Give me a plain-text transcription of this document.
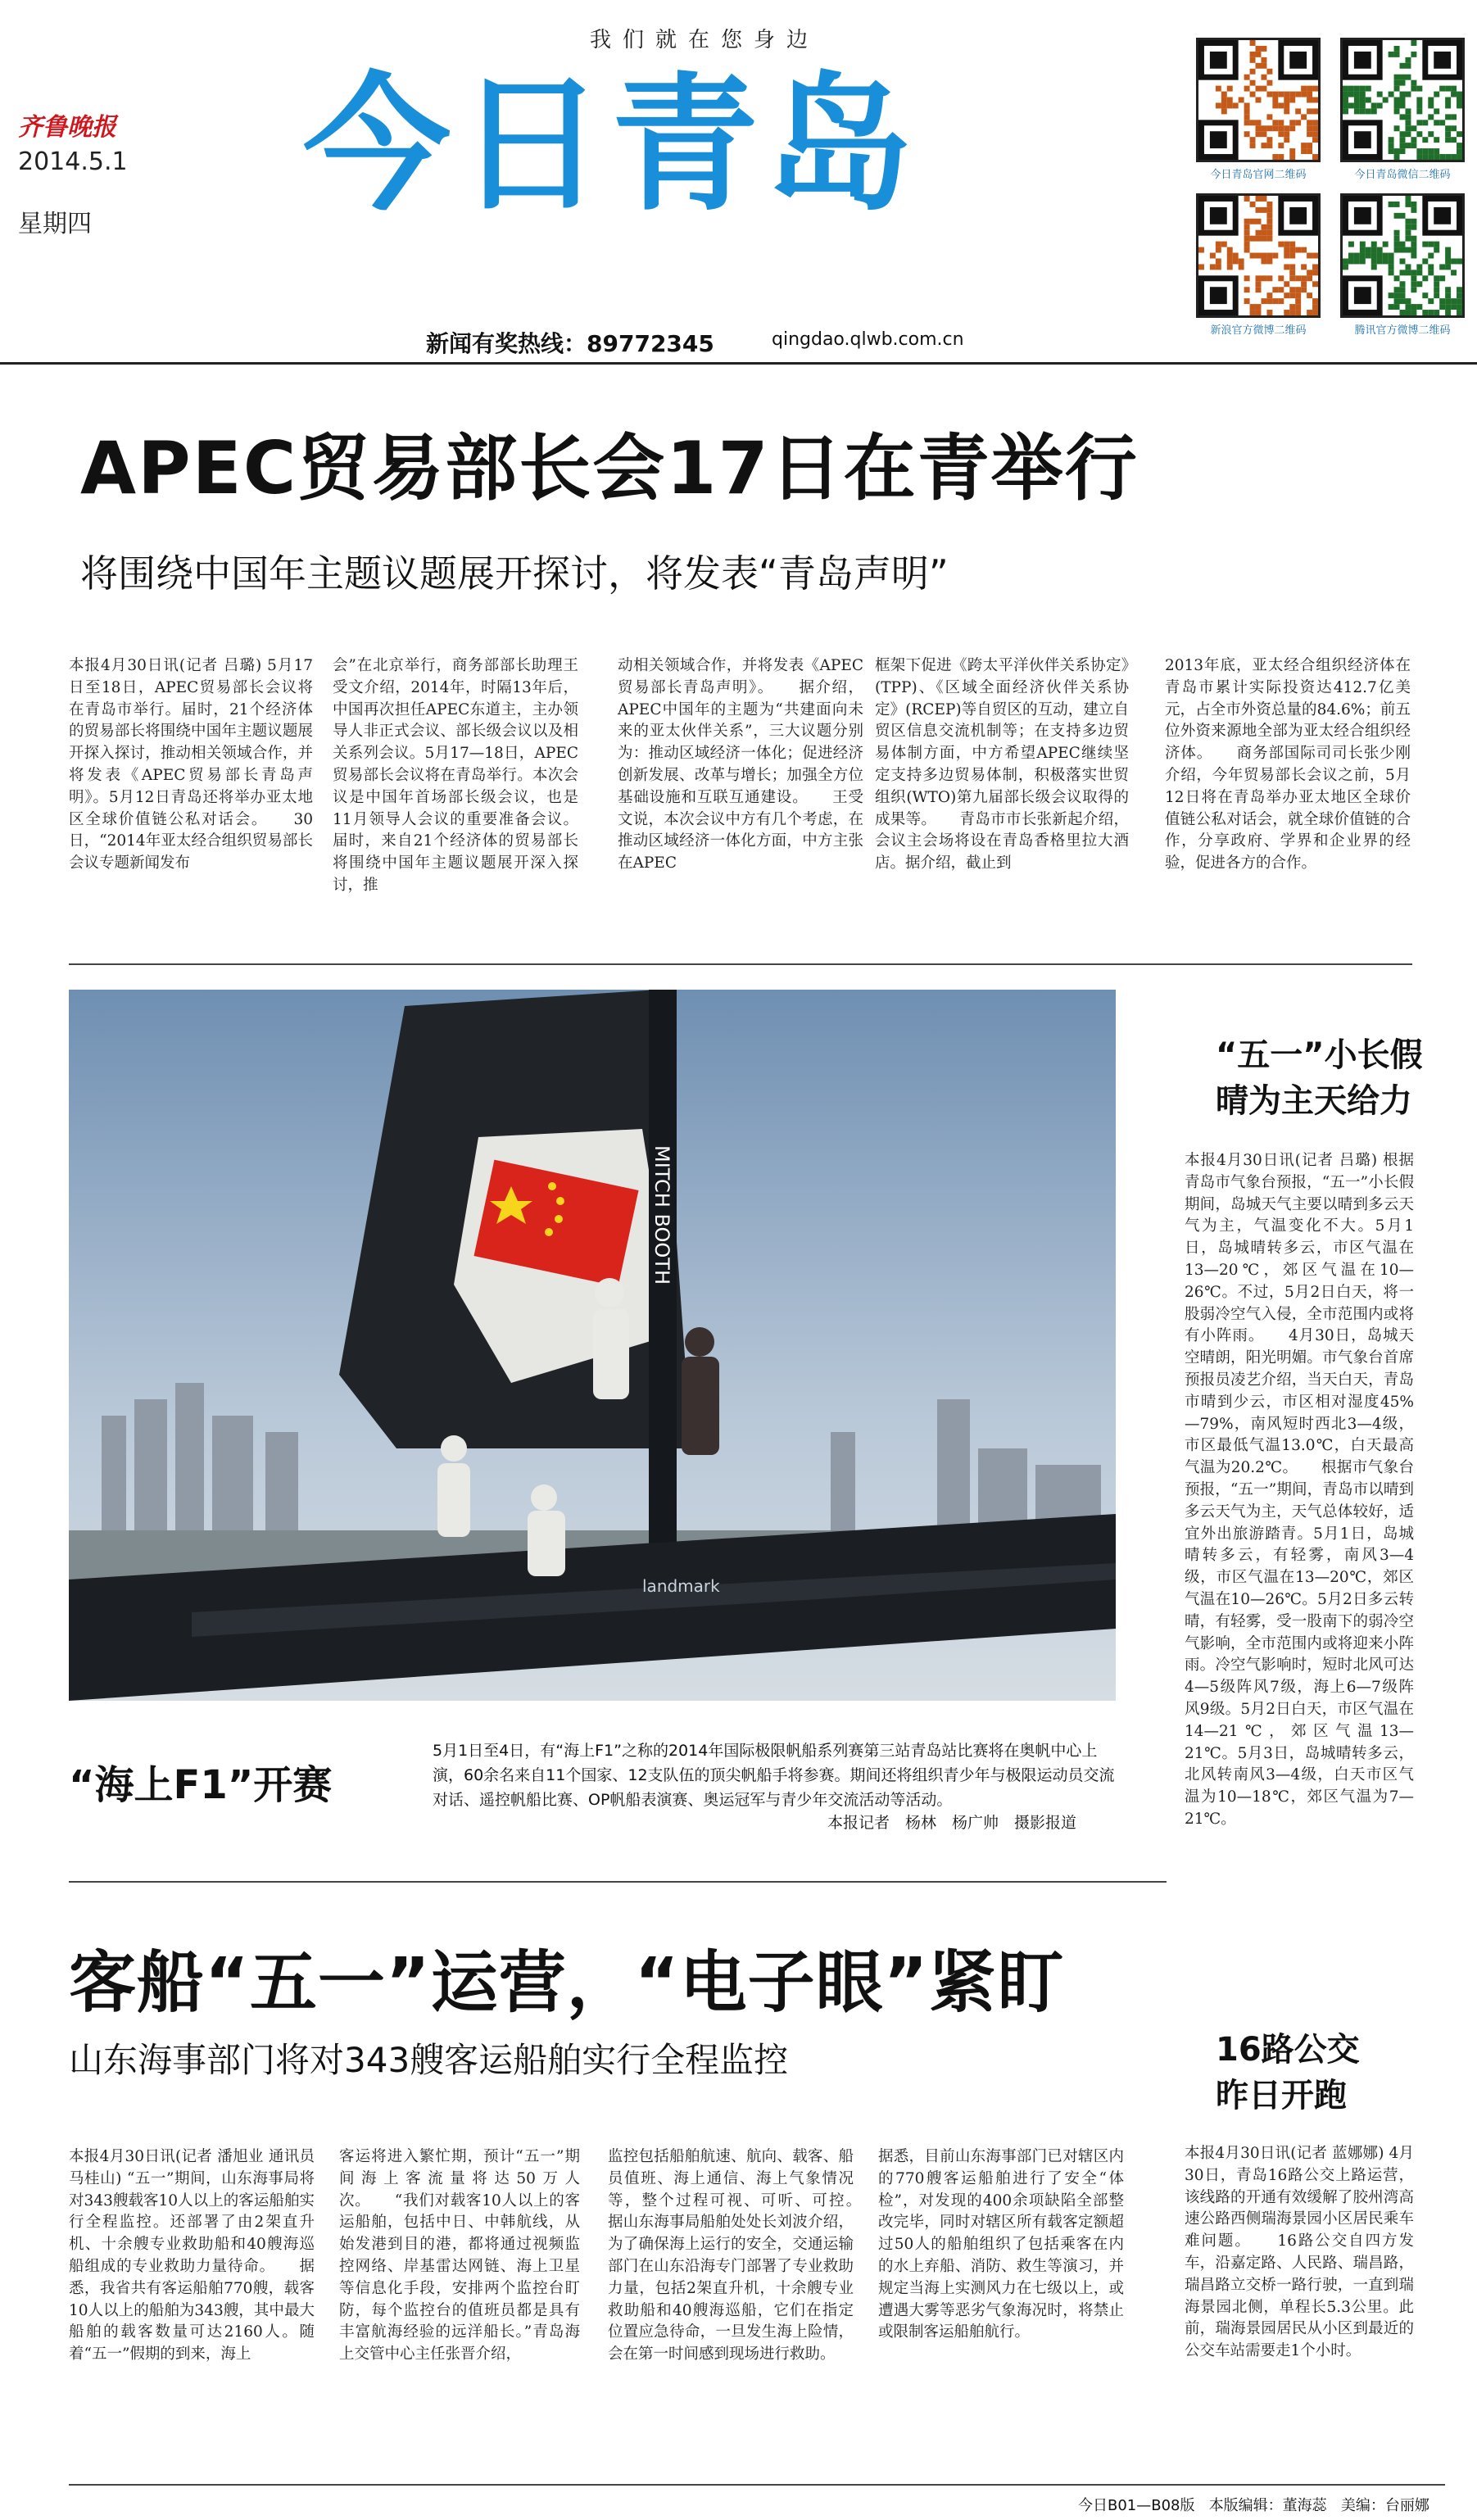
我们就在您身边
齐鲁晚报
2014.5.1
星期四 今日青岛
新闻有奖热线：89772345	qingdao.qlwb.com.cn
今日青岛官网二维码	今日青岛微信二维码
新浪官方微博二维码	腾讯官方微博二维码
APEC贸易部长会17日在青举行
将围绕中国年主题议题展开探讨，将发表“青岛声明”
本报4月30日讯(记者 吕璐) 5月17日至18日，APEC贸易部长会议将在青岛市举行。届时，21个经济体的贸易部长将围绕中国年主题议题展开探入探讨，推动相关领域合作，并将发表《APEC贸易部长青岛声明》。5月12日青岛还将举办亚太地区全球价值链公私对话会。　　30日，“2014年亚太经合组织贸易部长会议专题新闻发布
会”在北京举行，商务部部长助理王受文介绍，2014年，时隔13年后，中国再次担任APEC东道主，主办领导人非正式会议、部长级会议以及相关系列会议。5月17—18日，APEC贸易部长会议将在青岛举行。本次会议是中国年首场部长级会议，也是11月领导人会议的重要准备会议。届时，来自21个经济体的贸易部长将围绕中国年主题议题展开深入探讨，推
动相关领域合作，并将发表《APEC贸易部长青岛声明》。　　据介绍，APEC中国年的主题为“共建面向未来的亚太伙伴关系”，三大议题分别为：推动区域经济一体化；促进经济创新发展、改革与增长；加强全方位基础设施和互联互通建设。　　王受文说，本次会议中方有几个考虑，在推动区域经济一体化方面，中方主张在APEC
框架下促进《跨太平洋伙伴关系协定》(TPP)、《区域全面经济伙伴关系协定》(RCEP)等自贸区的互动，建立自贸区信息交流机制等；在支持多边贸易体制方面，中方希望APEC继续坚定支持多边贸易体制，积极落实世贸组织(WTO)第九届部长级会议取得的成果等。　　青岛市市长张新起介绍，会议主会场将设在青岛香格里拉大酒店。据介绍，截止到
2013年底，亚太经合组织经济体在青岛市累计实际投资达412.7亿美元，占全市外资总量的84.6%；前五位外资来源地全部为亚太经合组织经济体。　　商务部国际司司长张少刚介绍，今年贸易部长会议之前，5月12日将在青岛举办亚太地区全球价值链公私对话会，就全球价值链的合作，分享政府、学界和企业界的经验，促进各方的合作。
MITCH BOOTH
landmark
“五一”小长假
晴为主天给力
本报4月30日讯(记者 吕璐) 根据青岛市气象台预报，“五一”小长假期间，岛城天气主要以晴到多云天气为主，气温变化不大。5月1日，岛城晴转多云，市区气温在13—20℃，郊区气温在10—26℃。不过，5月2日白天，将一股弱冷空气入侵，全市范围内或将有小阵雨。　　4月30日，岛城天空晴朗，阳光明媚。市气象台首席预报员凌艺介绍，当天白天，青岛市晴到少云，市区相对湿度45%—79%，南风短时西北3—4级，市区最低气温13.0℃，白天最高气温为20.2℃。　　根据市气象台预报，“五一”期间，青岛市以晴到多云天气为主，天气总体较好，适宜外出旅游踏青。5月1日，岛城晴转多云，有轻雾，南风3—4级，市区气温在13—20℃，郊区气温在10—26℃。5月2日多云转晴，有轻雾，受一股南下的弱冷空气影响，全市范围内或将迎来小阵雨。冷空气影响时，短时北风可达4—5级阵风7级，海上6—7级阵风9级。5月2日白天，市区气温在14—21℃，郊区气温13—21℃。5月3日，岛城晴转多云，北风转南风3—4级，白天市区气温为10—18℃，郊区气温为7—21℃。
“海上F1”开赛
5月1日至4日，有“海上F1”之称的2014年国际极限帆船系列赛第三站青岛站比赛将在奥帆中心上演，60余名来自11个国家、12支队伍的顶尖帆船手将参赛。期间还将组织青少年与极限运动员交流对话、遥控帆船比赛、OP帆船表演赛、奥运冠军与青少年交流活动等活动。
本报记者　杨林　杨广帅　摄影报道
客船“五一”运营，“电子眼”紧盯
山东海事部门将对343艘客运船舶实行全程监控
本报4月30日讯(记者 潘旭业 通讯员 马桂山) “五一”期间，山东海事局将对343艘载客10人以上的客运船舶实行全程监控。还部署了由2架直升机、十余艘专业救助船和40艘海巡船组成的专业救助力量待命。　　据悉，我省共有客运船舶770艘，载客10人以上的船舶为343艘，其中最大船舶的载客数量可达2160人。随着“五一”假期的到来，海上
客运将进入繁忙期，预计“五一”期间海上客流量将达50万人次。　　“我们对载客10人以上的客运船舶，包括中日、中韩航线，从始发港到目的港，都将通过视频监控网络、岸基雷达网链、海上卫星等信息化手段，安排两个监控台盯防，每个监控台的值班员都是具有丰富航海经验的远洋船长。”青岛海上交管中心主任张晋介绍，
监控包括船舶航速、航向、载客、船员值班、海上通信、海上气象情况等，整个过程可视、可听、可控。　　据山东海事局船舶处处长刘波介绍，为了确保海上运行的安全，交通运输部门在山东沿海专门部署了专业救助力量，包括2架直升机，十余艘专业救助船和40艘海巡船，它们在指定位置应急待命，一旦发生海上险情，会在第一时间感到现场进行救助。
据悉，目前山东海事部门已对辖区内的770艘客运船舶进行了安全“体检”，对发现的400余项缺陷全部整改完毕，同时对辖区所有载客定额超过50人的船舶组织了包括乘客在内的水上弃船、消防、救生等演习，并规定当海上实测风力在七级以上，或遭遇大雾等恶劣气象海况时，将禁止或限制客运船舶航行。
16路公交
昨日开跑
本报4月30日讯(记者 蓝娜娜) 4月30日，青岛16路公交上路运营，该线路的开通有效缓解了胶州湾高速公路西侧瑞海景园小区居民乘车难问题。　　16路公交自四方发车，沿嘉定路、人民路、瑞昌路，瑞昌路立交桥一路行驶，一直到瑞海景园北侧，单程长5.3公里。此前，瑞海景园居民从小区到最近的公交车站需要走1个小时。
今日B01—B08版 本版编辑：董海蕊 美编：台丽娜
